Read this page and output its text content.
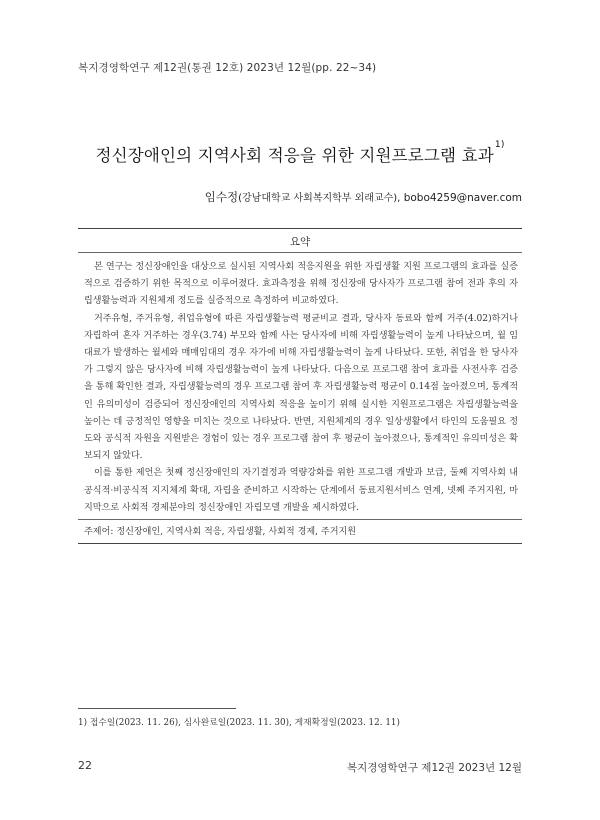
복지경영학연구 제12권(통권 12호) 2023년 12월(pp. 22~34)
정신장애인의 지역사회 적응을 위한 지원프로그램 효과$^{1)}$
임수정(강남대학교 사회복지학부 외래교수), bobo4259@naver.com
요약

본 연구는 정신장애인을 대상으로 실시된 지역사회 적응지원을 위한 자립생활 지원 프로그램의 효과를 실증적으로 검증하기 위한 목적으로 이루어졌다. 효과측정을 위해 정신장애 당사자가 프로그램 참여 전과 후의 자립생활능력과 지원체계 정도를 실증적으로 측정하여 비교하였다.

거주유형, 주거유형, 취업유형에 따른 자립생활능력 평균비교 결과, 당사자 동료와 함께 거주(4.02)하거나 자립하여 혼자 거주하는 경우(3.74) 부모와 함께 사는 당사자에 비해 자립생활능력이 높게 나타났으며, 월 임대료가 발생하는 월세와 매매임대의 경우 자가에 비해 자립생활능력이 높게 나타났다. 또한, 취업을 한 당사자가 그렇지 않은 당사자에 비해 자립생활능력이 높게 나타났다. 다음으로 프로그램 참여 효과를 사전사후 검증을 통해 확인한 결과, 자립생활능력의 경우 프로그램 참여 후 자립생활능력 평균이 0.14점 높아졌으며, 통계적인 유의미성이 검증되어 정신장애인의 지역사회 적응을 높이기 위해 실시한 지원프로그램은 자립생활능력을 높이는 데 긍정적인 영향을 미치는 것으로 나타났다. 반면, 지원체계의 경우 일상생활에서 타인의 도움필요 정도와 공식적 자원을 지원받은 경험이 있는 경우 프로그램 참여 후 평균이 높아졌으나, 통계적인 유의미성은 확보되지 않았다.

이를 통한 제언은 첫째 정신장애인의 자기결정과 역량강화를 위한 프로그램 개발과 보급, 둘째 지역사회 내 공식적·비공식적 지지체계 확대, 자립을 준비하고 시작하는 단계에서 동료지원서비스 연계, 넷째 주거지원, 마지막으로 사회적 경제분야의 정신장애인 자립모델 개발을 제시하였다.

주제어: 정신장애인, 지역사회 적응, 자립생활, 사회적 경제, 주거지원
1) 접수일(2023. 11. 26), 심사완료일(2023. 11. 30), 게재확정일(2023. 12. 11)
22	복지경영학연구 제12권 2023년 12월
